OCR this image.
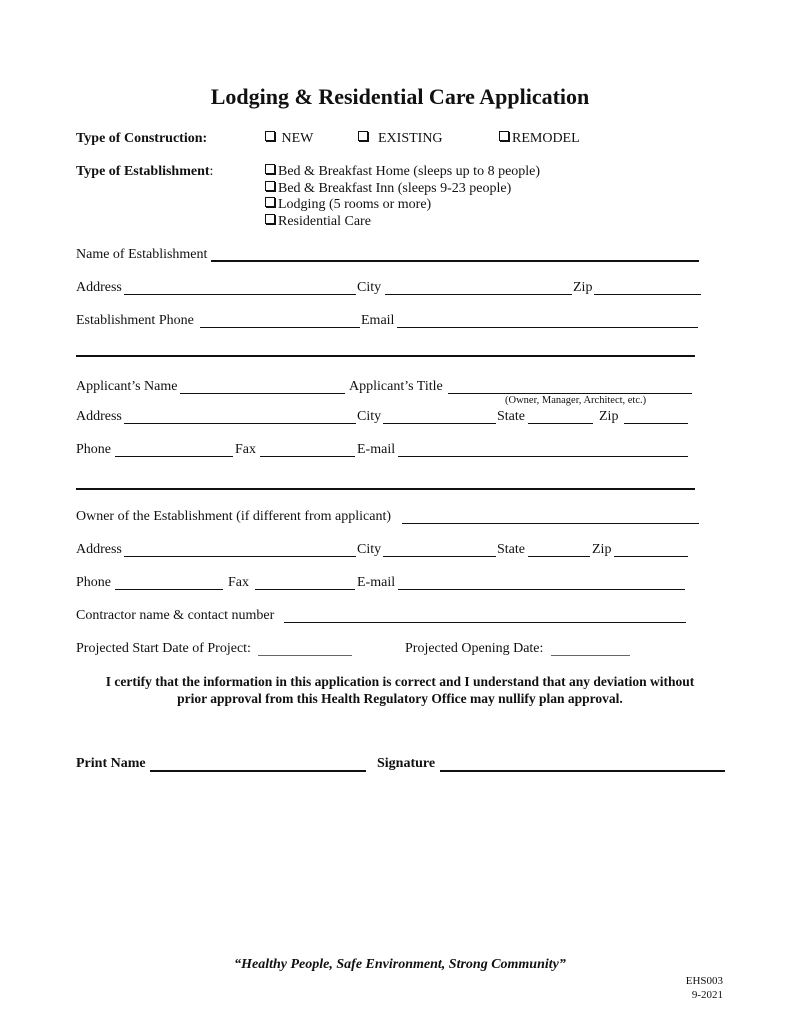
Lodging & Residential Care Application
Type of Construction:	NEW	EXISTING	REMODEL
Type of Establishment:	Bed & Breakfast Home (sleeps up to 8 people)
Bed & Breakfast Inn (sleeps 9-23 people)
Lodging (5 rooms or more)
Residential Care
Name of Establishment
Address	City	Zip
Establishment Phone	Email
Applicant’s Name	Applicant’s Title
(Owner, Manager, Architect, etc.)
Address	City	State	Zip
Phone	Fax	E-mail
Owner of the Establishment (if different from applicant)
Address	City	State	Zip
Phone	Fax	E-mail
Contractor name & contact number
Projected Start Date of Project:	Projected Opening Date:
I certify that the information in this application is correct and I understand that any deviation without
prior approval from this Health Regulatory Office may nullify plan approval.
Print Name	Signature
“Healthy People, Safe Environment, Strong Community”
EHS003
9-2021
